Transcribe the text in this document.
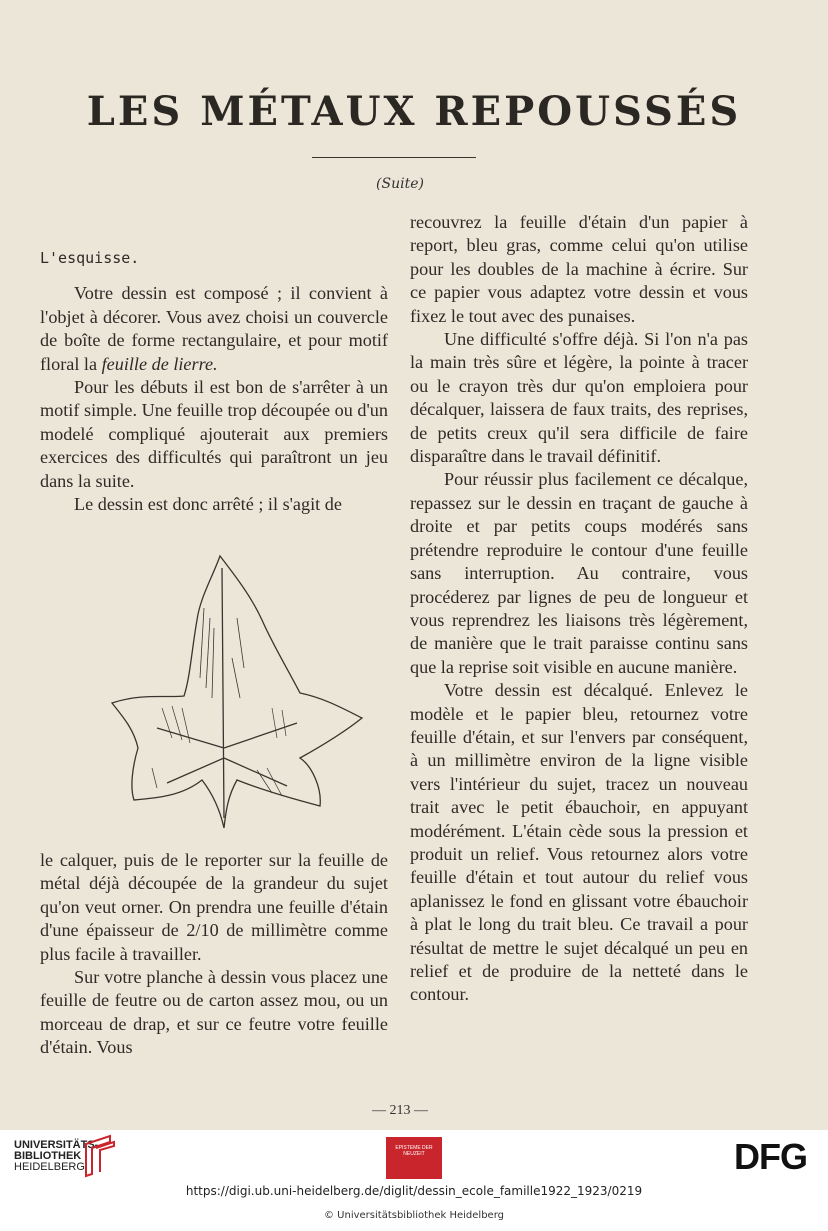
LES MÉTAUX REPOUSSÉS
(Suite)

L'esquisse.

Votre dessin est composé ; il convient à l'objet à décorer. Vous avez choisi un couvercle de boîte de forme rectangulaire, et pour motif floral la feuille de lierre.

Pour les débuts il est bon de s'arrêter à un motif simple. Une feuille trop découpée ou d'un modelé compliqué ajouterait aux premiers exercices des difficultés qui paraîtront un jeu dans la suite.

Le dessin est donc arrêté ; il s'agit de

le calquer, puis de le reporter sur la feuille de métal déjà découpée de la grandeur du sujet qu'on veut orner. On prendra une feuille d'étain d'une épaisseur de 2/10 de millimètre comme plus facile à travailler.

Sur votre planche à dessin vous placez une feuille de feutre ou de carton assez mou, ou un morceau de drap, et sur ce feutre votre feuille d'étain. Vous

recouvrez la feuille d'étain d'un papier à report, bleu gras, comme celui qu'on utilise pour les doubles de la machine à écrire. Sur ce papier vous adaptez votre dessin et vous fixez le tout avec des punaises.

Une difficulté s'offre déjà. Si l'on n'a pas la main très sûre et légère, la pointe à tracer ou le crayon très dur qu'on emploiera pour décalquer, laissera de faux traits, des reprises, de petits creux qu'il sera difficile de faire disparaître dans le travail définitif.

Pour réussir plus facilement ce décalque, repassez sur le dessin en traçant de gauche à droite et par petits coups modérés sans prétendre reproduire le contour d'une feuille sans interruption. Au contraire, vous procéderez par lignes de peu de longueur et vous reprendrez les liaisons très légèrement, de manière que le trait paraisse continu sans que la reprise soit visible en aucune manière.

Votre dessin est décalqué. Enlevez le modèle et le papier bleu, retournez votre feuille d'étain, et sur l'envers par conséquent, à un millimètre environ de la ligne visible vers l'intérieur du sujet, tracez un nouveau trait avec le petit ébauchoir, en appuyant modérément. L'étain cède sous la pression et produit un relief. Vous retournez alors votre feuille d'étain et tout autour du relief vous aplanissez le fond en glissant votre ébauchoir à plat le long du trait bleu. Ce travail a pour résultat de mettre le sujet décalqué un peu en relief et de produire de la netteté dans le contour.

— 213 —
UNIVERSITÄTS-
BIBLIOTHEK
HEIDELBERG
EPISTEME DER NEUZEIT	DFG
https://digi.ub.uni-heidelberg.de/diglit/dessin_ecole_famille1922_1923/0219
© Universitätsbibliothek Heidelberg
